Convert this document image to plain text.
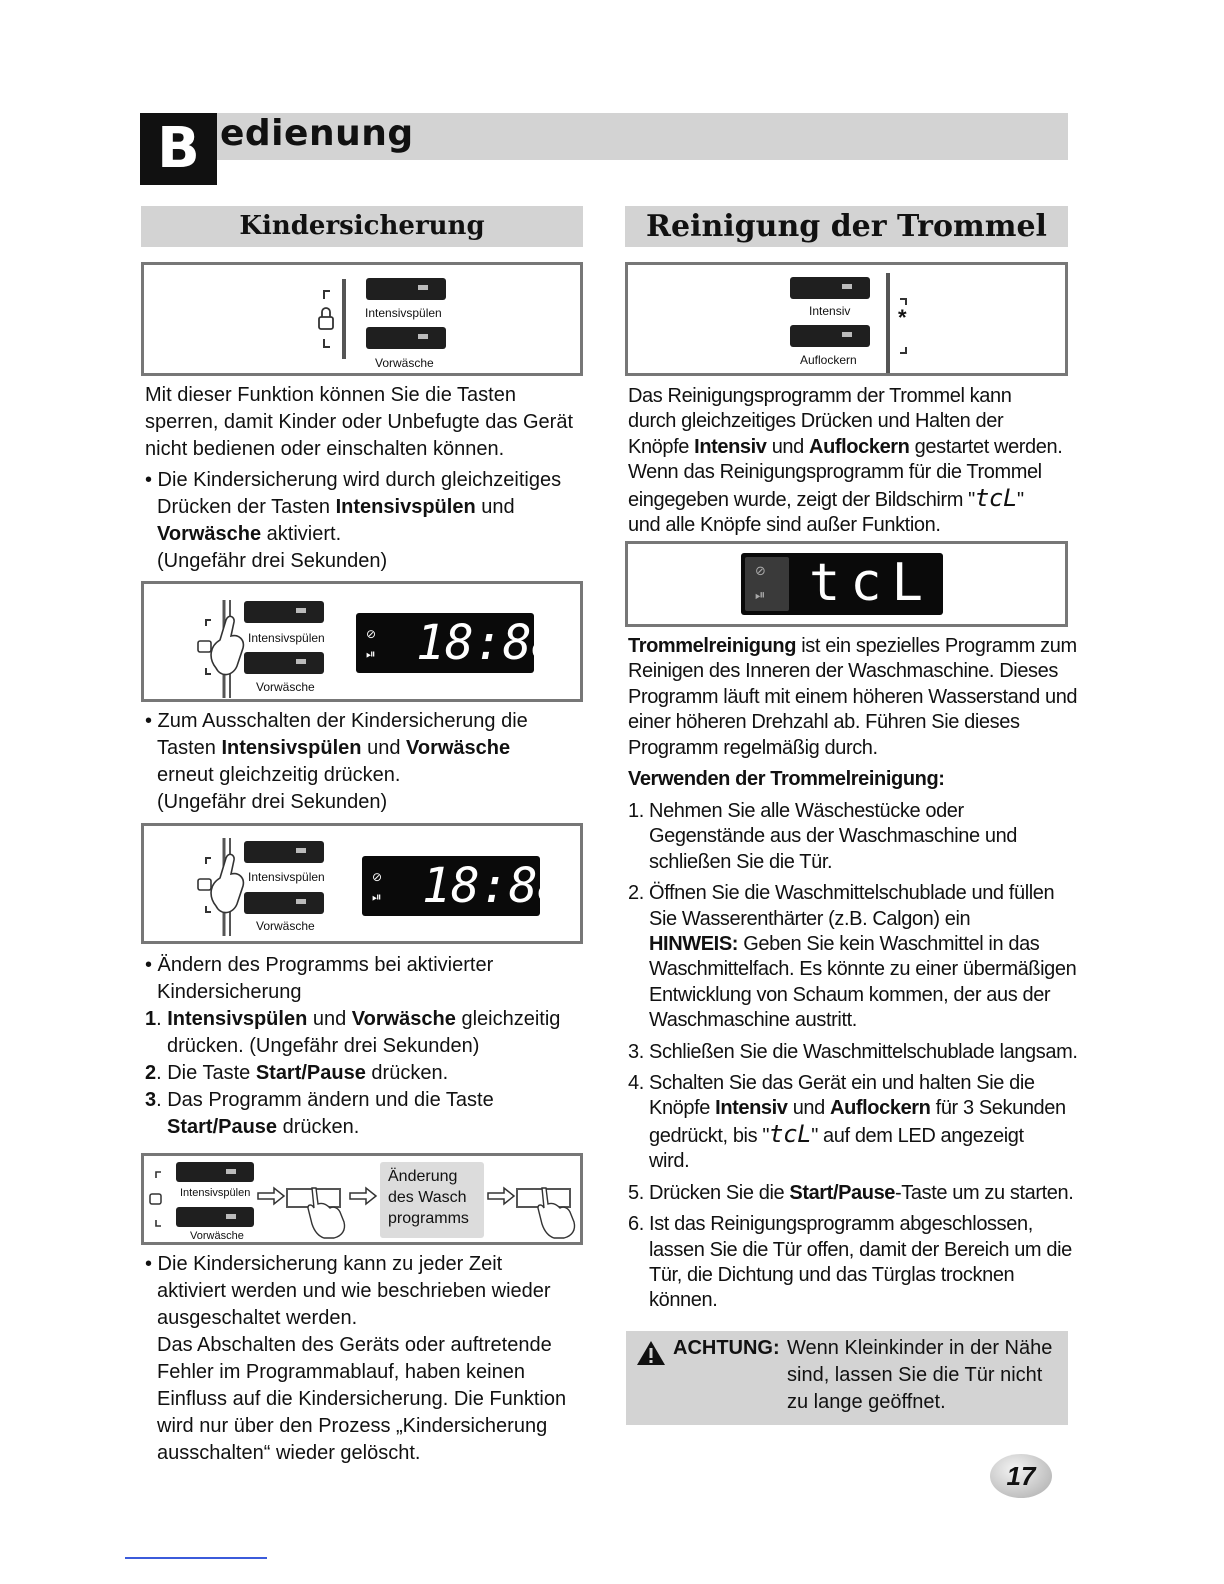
B edienung
Kindersicherung	Reinigung der Trommel
Intensivspülen
Vorwäsche
Mit dieser Funktion können Sie die Tasten
sperren, damit Kinder oder Unbefugte das Gerät
nicht bedienen oder einschalten können.
• Die Kindersicherung wird durch gleichzeitiges
Drücken der Tasten Intensivspülen und
Vorwäsche aktiviert.
(Ungefähr drei Sekunden)
Intensivspülen
Vorwäsche
⊘
⏯ 18:88
• Zum Ausschalten der Kindersicherung die
Tasten Intensivspülen und Vorwäsche
erneut gleichzeitig drücken.
(Ungefähr drei Sekunden)
Intensivspülen
Vorwäsche
⊘
⏯ 18:88
• Ändern des Programms bei aktivierter
Kindersicherung
1. Intensivspülen und Vorwäsche gleichzeitig
drücken. (Ungefähr drei Sekunden)
2. Die Taste Start/Pause drücken.
3. Das Programm ändern und die Taste
Start/Pause drücken.
Intensivspülen
Vorwäsche
Änderung
des Wasch
programms
• Die Kindersicherung kann zu jeder Zeit
aktiviert werden und wie beschrieben wieder
ausgeschaltet werden.
Das Abschalten des Geräts oder auftretende
Fehler im Programmablauf, haben keinen
Einfluss auf die Kindersicherung. Die Funktion
wird nur über den Prozess „Kindersicherung
ausschalten“ wieder gelöscht.
Intensiv
Auflockern
*
Das Reinigungsprogramm der Trommel kann
durch gleichzeitiges Drücken und Halten der
Knöpfe Intensiv und Auflockern gestartet werden.
Wenn das Reinigungsprogramm für die Trommel
eingegeben wurde, zeigt der Bildschirm "tcL"
und alle Knöpfe sind außer Funktion.
⊘
⏯ tcL
Trommelreinigung ist ein spezielles Programm zum
Reinigen des Inneren der Waschmaschine. Dieses
Programm läuft mit einem höheren Wasserstand und
einer höheren Drehzahl ab. Führen Sie dieses
Programm regelmäßig durch.
Verwenden der Trommelreinigung:
1. Nehmen Sie alle Wäschestücke oder
Gegenstände aus der Waschmaschine und
schließen Sie die Tür.
2. Öffnen Sie die Waschmittelschublade und füllen
Sie Wasserenthärter (z.B. Calgon) ein
HINWEIS: Geben Sie kein Waschmittel in das
Waschmittelfach. Es könnte zu einer übermäßigen
Entwicklung von Schaum kommen, der aus der
Waschmaschine austritt.
3. Schließen Sie die Waschmittelschublade langsam.
4. Schalten Sie das Gerät ein und halten Sie die
Knöpfe Intensiv und Auflockern für 3 Sekunden
gedrückt, bis "tcL" auf dem LED angezeigt
wird.
5. Drücken Sie die Start/Pause-Taste um zu starten.
6. Ist das Reinigungsprogramm abgeschlossen,
lassen Sie die Tür offen, damit der Bereich um die
Tür, die Dichtung und das Türglas trocknen
können.
ACHTUNG: Wenn Kleinkinder in der Nähe
sind, lassen Sie die Tür nicht
zu lange geöffnet.
17
